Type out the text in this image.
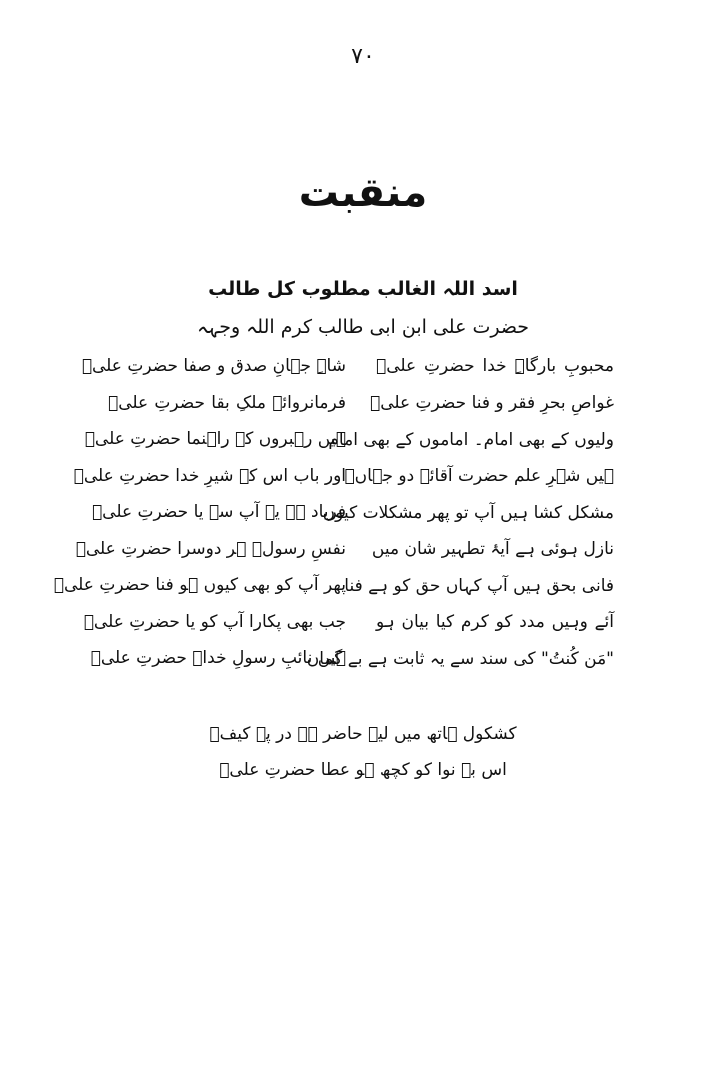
۷۰
منقبت
اسد اللہ الغالب مطلوب کل طالب
حضرت علی ابن ابی طالب کرم اللہ وجہہ
محبوبِ بارگاہِ خدا حضرتِ علیؑ
شاہِ جہانِ صدق و صفا حضرتِ علیؑ
غواصِ بحرِ فقر و فنا حضرتِ علیؑ
فرمانروائے ملکِ بقا حضرتِ علیؑ
ولیوں کے بھی امام۔ اماموں کے بھی امام
ہیں رہبروں کے راہنما حضرتِ علیؑ
ہیں شہرِ علم حضرت آقائے دو جہاںؐ
اور باب اس کے شیرِ خدا حضرتِ علیؑ
مشکل کشا ہیں آپ تو پھر مشکلات کیوں
فریاد ہے یہ آپ سے یا حضرتِ علیؑ
نازل ہوئی ہے آیۂ تطہیر شان میں
نفسِ رسولؐ ہر دوسرا حضرتِ علیؑ
فانی بحق ہیں آپ کہاں حق کو ہے فنا
پھر آپ کو بھی کیوں ہو فنا حضرتِ علیؑ
آئے وہیں مدد کو کرم کیا بیان ہو
جب بھی پکارا آپ کو یا حضرتِ علیؑ
"مَن کُنتُ" کی سند سے یہ ثابت ہے بے گماں
ہیں نائبِ رسولِ خداؐ حضرتِ علیؑ
کشکول ہاتھ میں لیے حاضر ہے در پہ کیفؔ
اس بے نوا کو کچھ ہو عطا حضرتِ علیؑ
